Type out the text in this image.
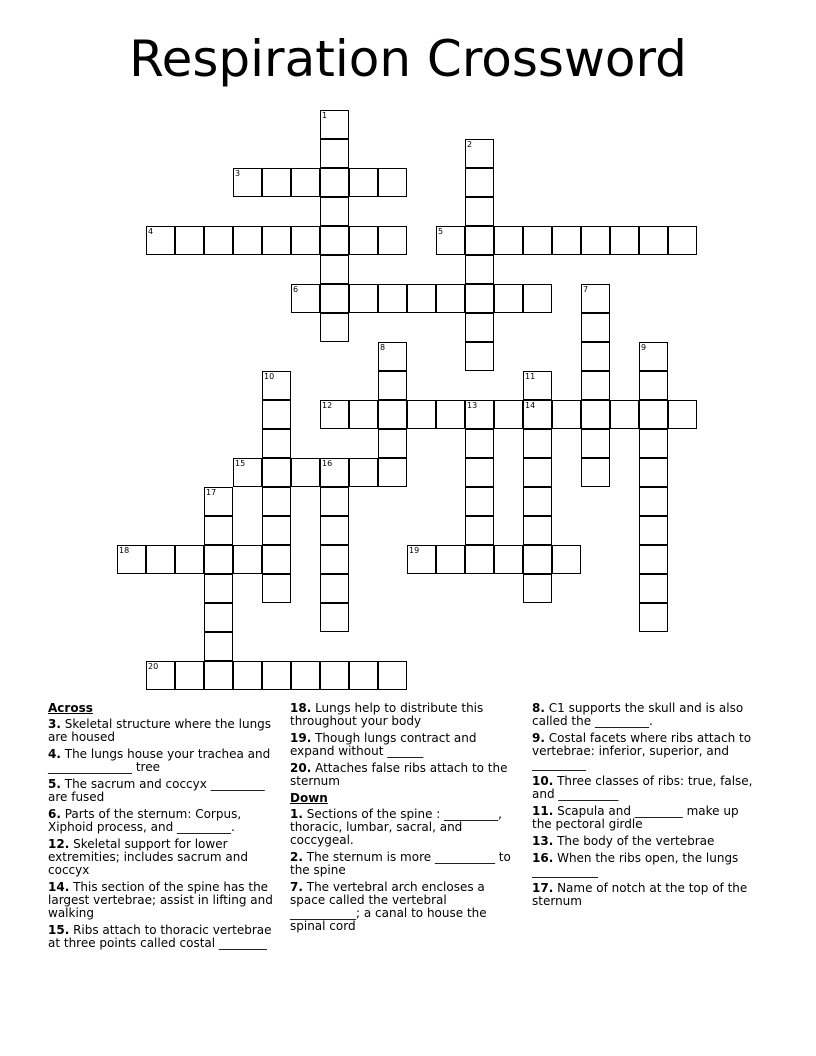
Respiration Crossword
3
4	5
6
12	13	14
15	16
18	19
20
1
2
7
8	9
10	11
17
Across
3. Skeletal structure where the lungs are housed
4. The lungs house your trachea and ______________ tree
5. The sacrum and coccyx _________ are fused
6. Parts of the sternum: Corpus, Xiphoid process, and _________.
12. Skeletal support for lower extremities; includes sacrum and coccyx
14. This section of the spine has the largest vertebrae; assist in lifting and walking
15. Ribs attach to thoracic vertebrae at three points called costal ________
18. Lungs help to distribute this throughout your body
19. Though lungs contract and expand without ______
20. Attaches false ribs attach to the sternum
Down
1. Sections of the spine : _________, thoracic, lumbar, sacral, and coccygeal.
2. The sternum is more __________ to the spine
7. The vertebral arch encloses a space called the vertebral ___________; a canal to house the spinal cord
8. C1 supports the skull and is also called the _________.
9. Costal facets where ribs attach to vertebrae: inferior, superior, and _________
10. Three classes of ribs: true, false, and __________
11. Scapula and ________ make up the pectoral girdle
13. The body of the vertebrae
16. When the ribs open, the lungs ___________
17. Name of notch at the top of the sternum
